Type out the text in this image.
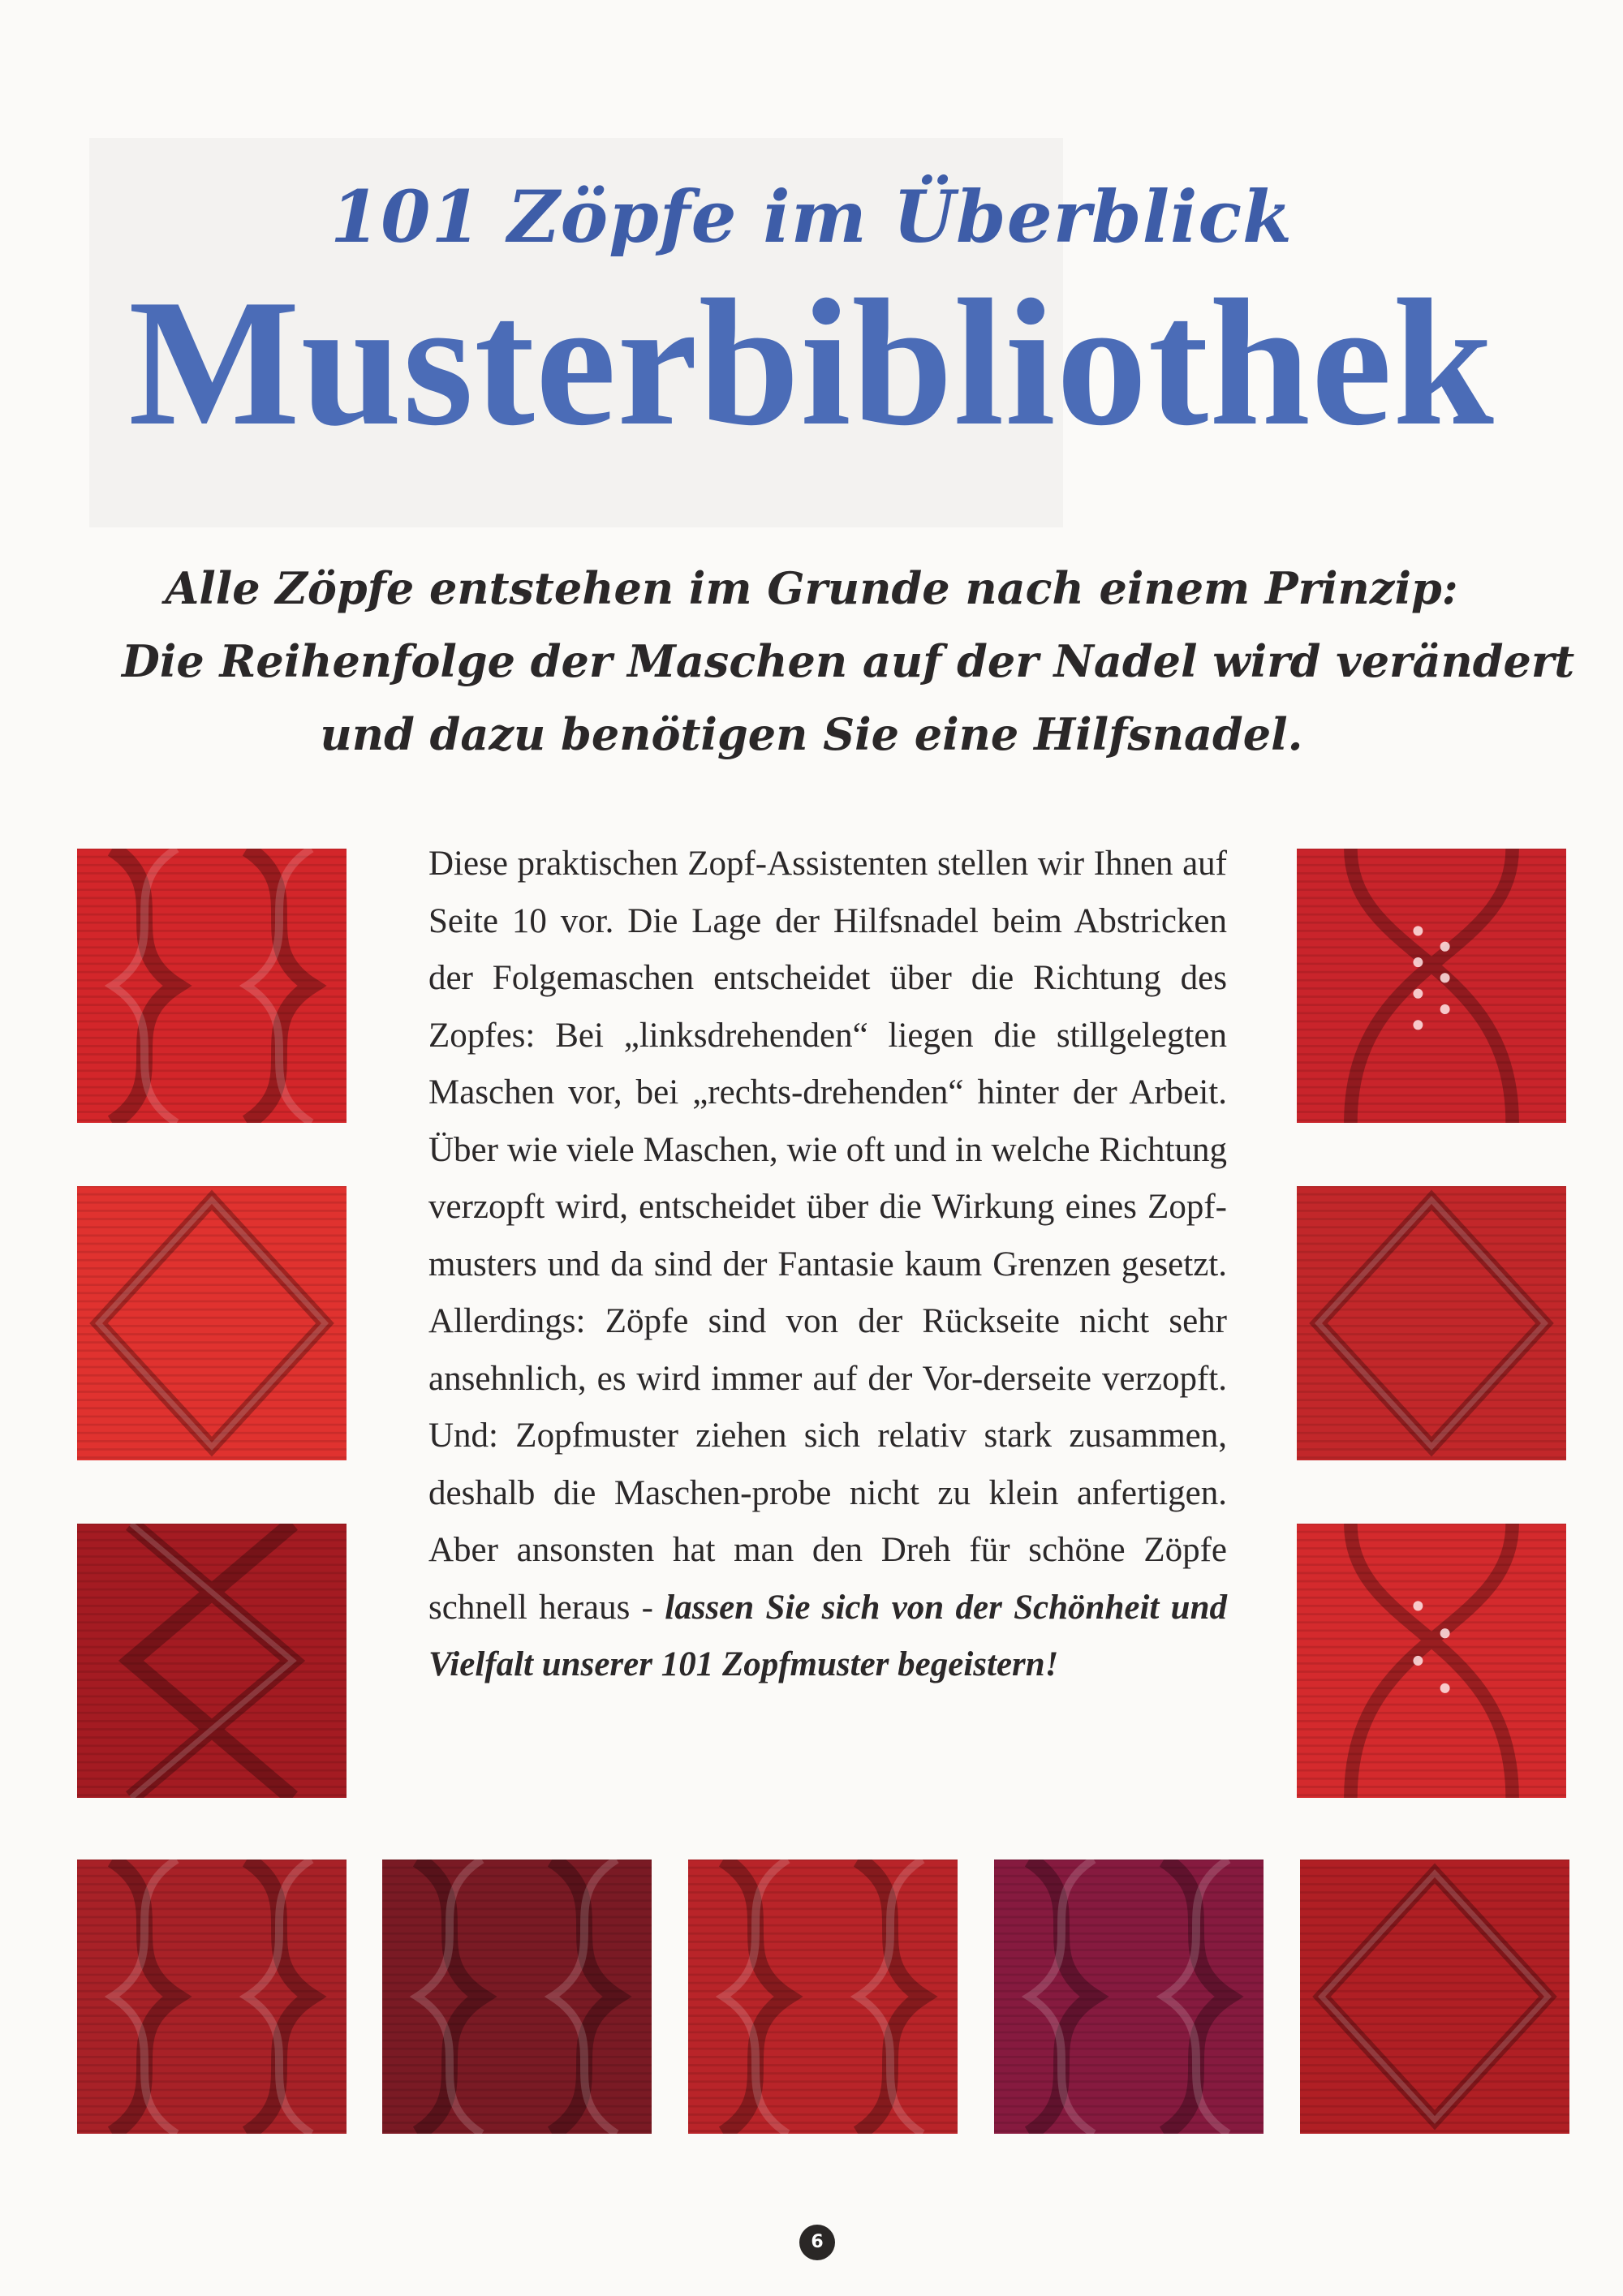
101 Zöpfe im Überblick
Musterbibliothek
Alle Zöpfe entstehen im Grunde nach einem Prinzip:
Die Reihenfolge der Maschen auf der Nadel wird verändert
und dazu benötigen Sie eine Hilfsnadel.

Diese praktischen Zopf-Assistenten stellen wir Ihnen auf Seite 10 vor. Die Lage der Hilfsnadel beim Abstricken der Folgemaschen entscheidet über die Richtung des Zopfes: Bei „linksdrehenden“ liegen die stillgelegten Maschen vor, bei „rechts-drehenden“ hinter der Arbeit. Über wie viele Maschen, wie oft und in welche Richtung verzopft wird, entscheidet über die Wirkung eines Zopf-musters und da sind der Fantasie kaum Grenzen gesetzt. Allerdings: Zöpfe sind von der Rückseite nicht sehr ansehnlich, es wird immer auf der Vor-derseite verzopft. Und: Zopfmuster ziehen sich relativ stark zusammen, deshalb die Maschen-probe nicht zu klein anfertigen. Aber ansonsten hat man den Dreh für schöne Zöpfe schnell heraus - lassen Sie sich von der Schönheit und Vielfalt unserer 101 Zopfmuster begeistern!

6
